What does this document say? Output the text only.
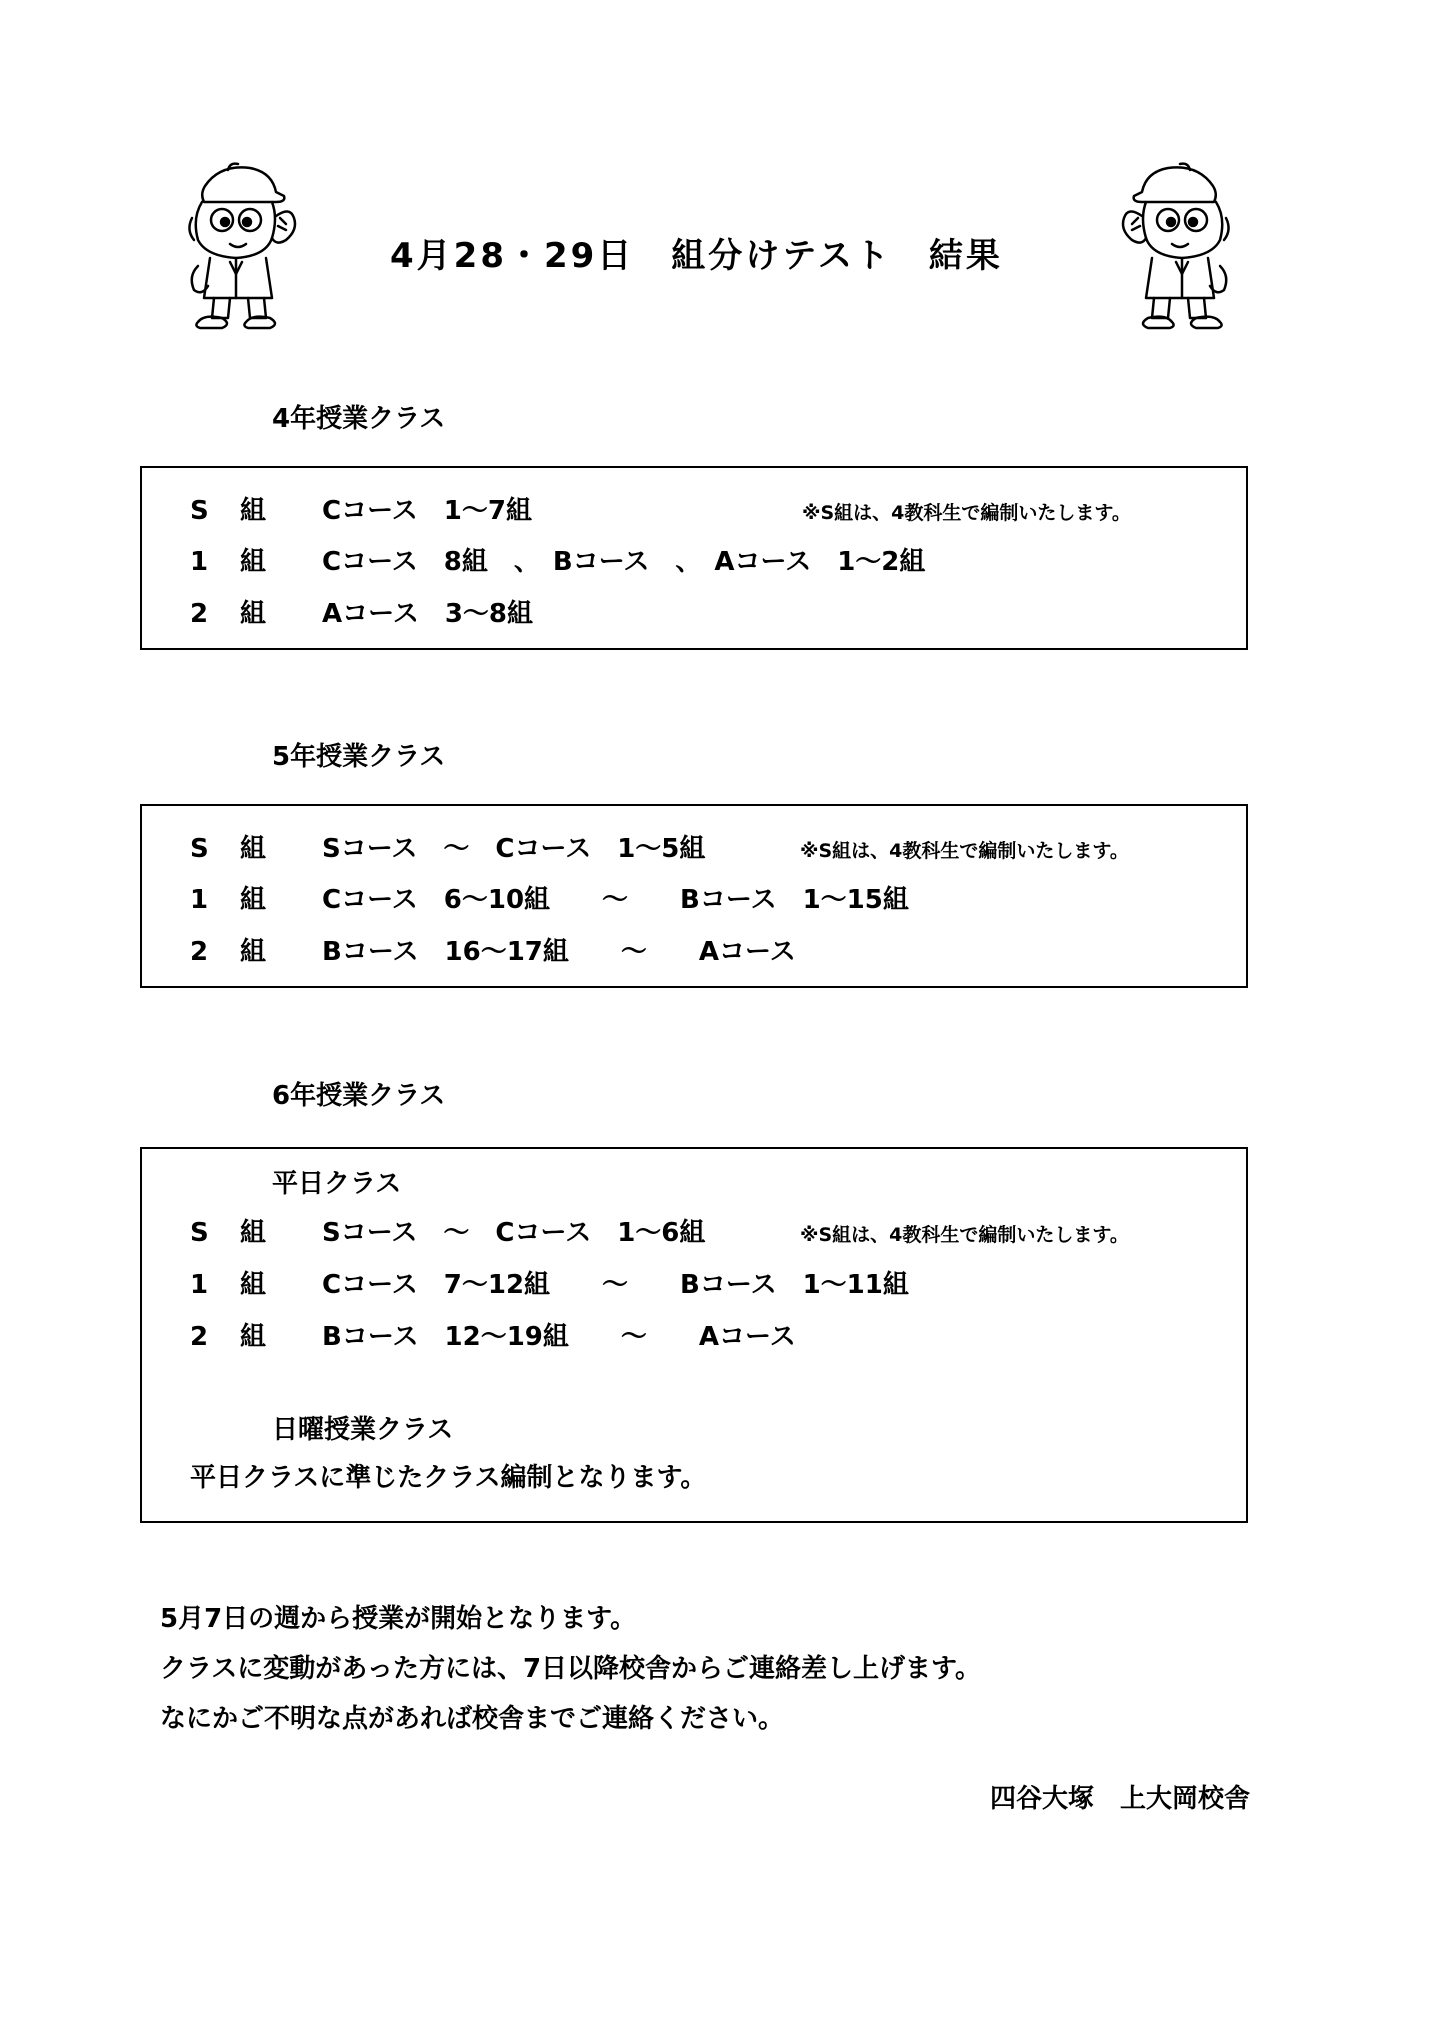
4月28・29日　組分けテスト　結果
4年授業クラス
S 組 Cコース　1～7組	※S組は、4教科生で編制いたします。
1 組 Cコース　8組　、　Bコース　、　Aコース　1～2組
2 組 Aコース　3～8組
5年授業クラス
S 組 Sコース　～　Cコース　1～5組	※S組は、4教科生で編制いたします。
1 組 Cコース　6～10組　　～　　Bコース　1～15組
2 組 Bコース　16～17組　　～　　Aコース
6年授業クラス
平日クラス
S 組 Sコース　～　Cコース　1～6組	※S組は、4教科生で編制いたします。
1 組 Cコース　7～12組　　～　　Bコース　1～11組
2 組 Bコース　12～19組　　～　　Aコース
日曜授業クラス
平日クラスに準じたクラス編制となります。
5月7日の週から授業が開始となります。
クラスに変動があった方には、7日以降校舎からご連絡差し上げます。
なにかご不明な点があれば校舎までご連絡ください。
四谷大塚　上大岡校舎
